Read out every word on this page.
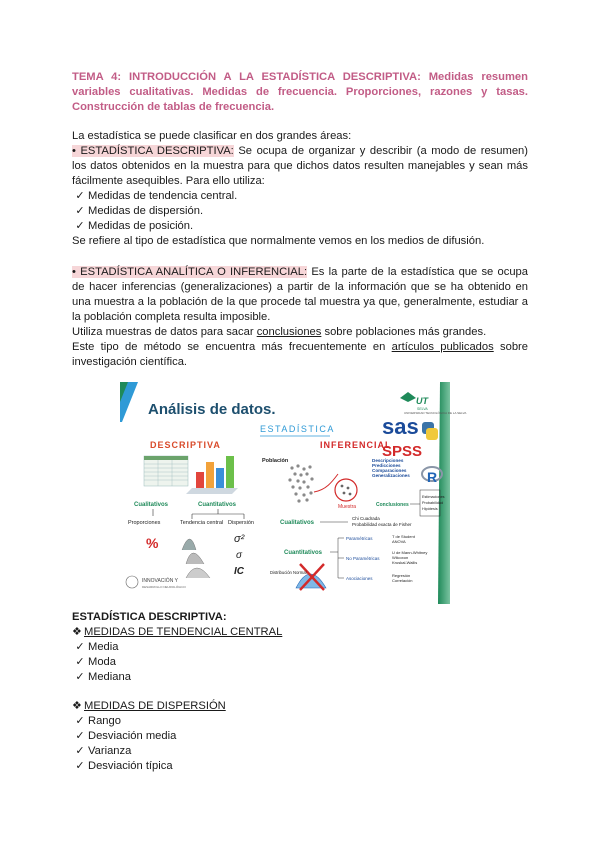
TEMA 4: INTRODUCCIÓN A LA ESTADÍSTICA DESCRIPTIVA: Medidas resumen variables cualitativas. Medidas de frecuencia. Proporciones, razones y tasas. Construcción de tablas de frecuencia.

La estadística se puede clasificar en dos grandes áreas:

• ESTADÍSTICA DESCRIPTIVA: Se ocupa de organizar y describir (a modo de resumen) los datos obtenidos en la muestra para que dichos datos resulten manejables y sean más fácilmente asequibles. Para ello utiliza:

✓ Medidas de tendencia central.
✓ Medidas de dispersión.
✓ Medidas de posición.

Se refiere al tipo de estadística que normalmente vemos en los medios de difusión.

• ESTADÍSTICA ANALÍTICA O INFERENCIAL: Es la parte de la estadística que se ocupa de hacer inferencias (generalizaciones) a partir de la información que se ha obtenido en una muestra a la población de la que procede tal muestra ya que, generalmente, estudiar a la población completa resulta imposible.

Utiliza muestras de datos para sacar conclusiones sobre poblaciones más grandes.

Este tipo de método se encuentra más frecuentemente en artículos publicados sobre investigación científica.

Análisis de datos.
ESTADÍSTICA
UT
SELVA
UNIVERSIDAD TECNOLÓGICA DE LA SELVA
DESCRIPTIVA	INFERENCIAL
Cualitativos	Cuantitativos
Proporciones	Tendencia central Dispersión
%	σ²
σ
IC
INNOVACIÓN Y
DESARROLLO NEUROLÓGICO
Población
Muestra
sas
SPSS
R
Descripciones
Predicciones
Comparaciones
Generalizaciones
Conclusiones
Estimaciones
Probabilidad
Hipótesis
Cualitativos
Chi Cuadrada
Probabilidad exacta de Fisher
Cuantitativos
Paramétricas
No Paramétricas
Asociaciones
T de Student
ANOVA
U de Mann-Whitney
Wilcoxon
Kruskal-Wallis
Regresión
Correlación
Distribución Normal

ESTADÍSTICA DESCRIPTIVA:

❖ MEDIDAS DE TENDENCIAL CENTRAL
✓ Media
✓ Moda
✓ Mediana
❖ MEDIDAS DE DISPERSIÓN
✓ Rango
✓ Desviación media
✓ Varianza
✓ Desviación típica
